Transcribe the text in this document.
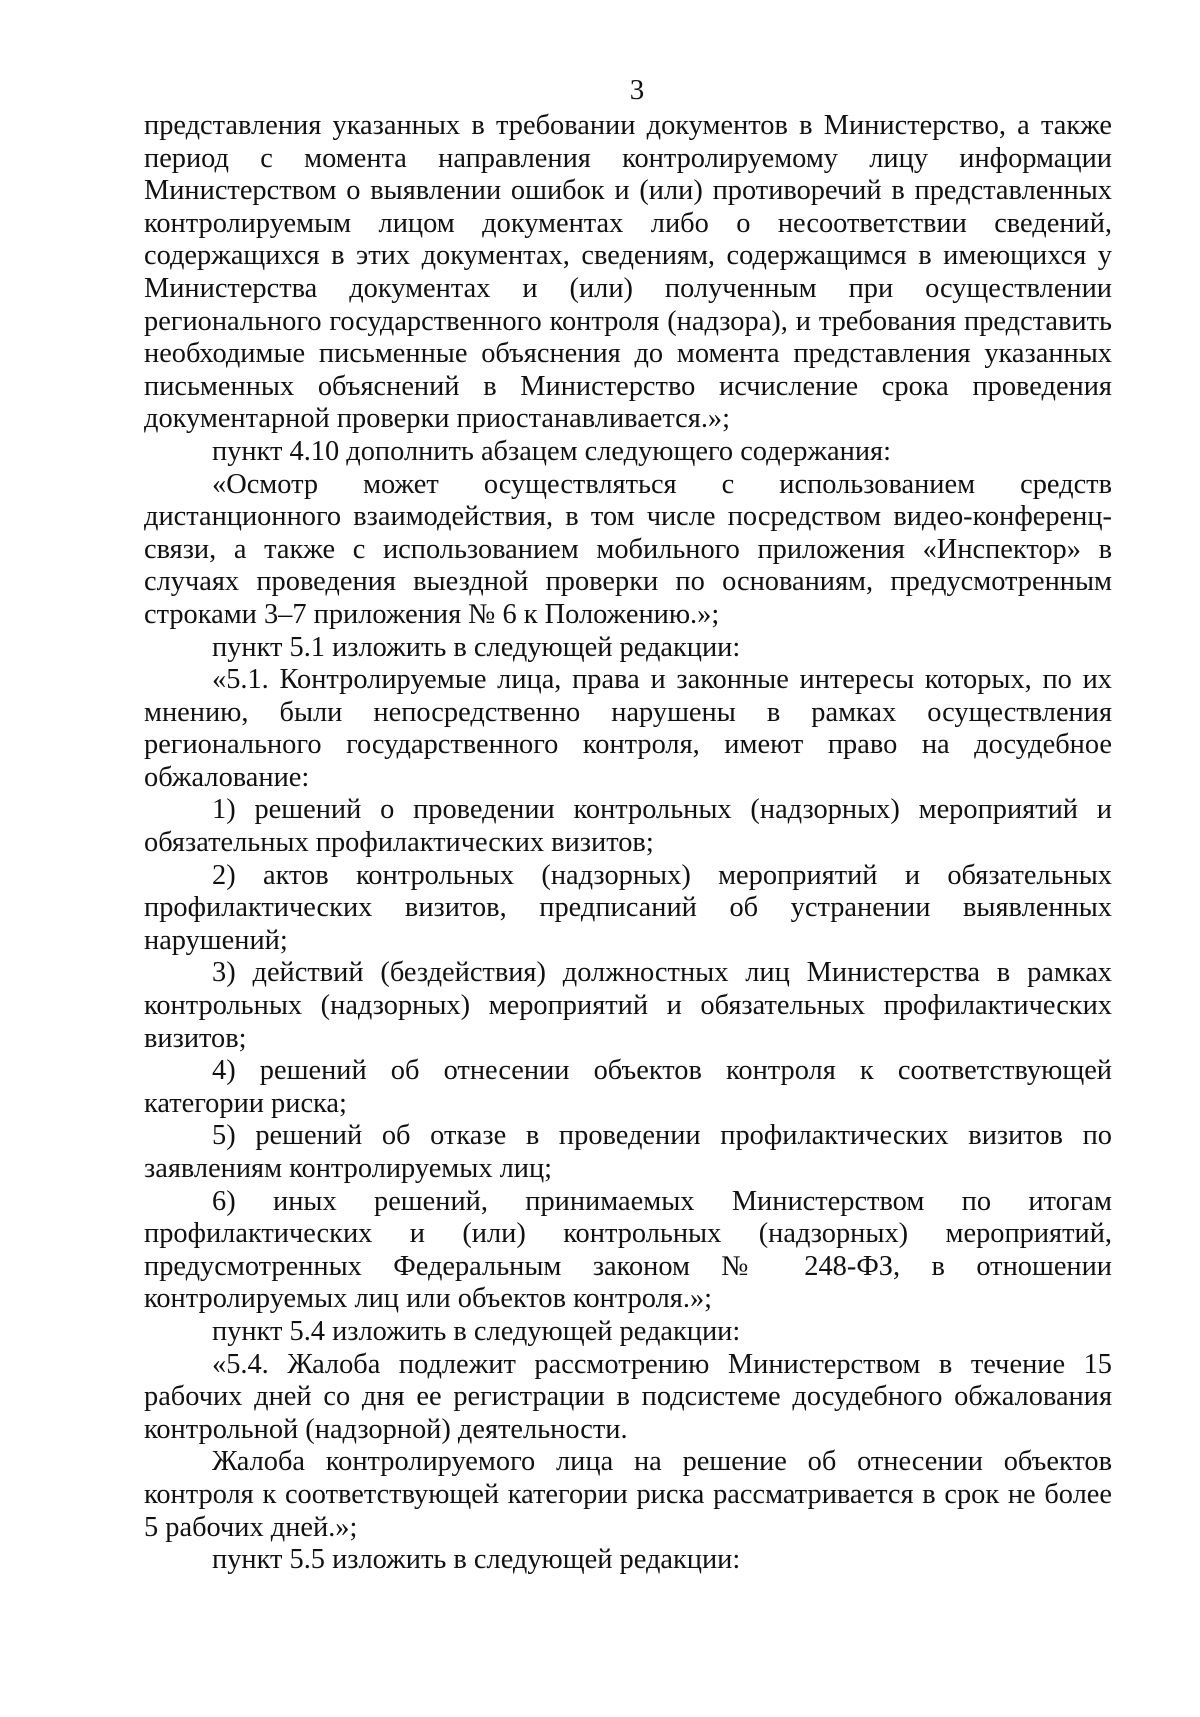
3

представления указанных в требовании документов в Министерство, а также период с момента направления контролируемому лицу информации Министерством о выявлении ошибок и (или) противоречий в представленных контролируемым лицом документах либо о несоответствии сведений, содержащихся в этих документах, сведениям, содержащимся в имеющихся у Министерства документах и (или) полученным при осуществлении регионального государственного контроля (надзора), и требования представить необходимые письменные объяснения до момента представления указанных письменных объяснений в Министерство исчисление срока проведения документарной проверки приостанавливается.»;

пункт 4.10 дополнить абзацем следующего содержания:

«Осмотр может осуществляться с использованием средств дистанционного взаимодействия, в том числе посредством видео-конференц-связи, а также с использованием мобильного приложения «Инспектор» в случаях проведения выездной проверки по основаниям, предусмотренным строками 3–7 приложения № 6 к Положению.»;

пункт 5.1 изложить в следующей редакции:

«5.1. Контролируемые лица, права и законные интересы которых, по их мнению, были непосредственно нарушены в рамках осуществления регионального государственного контроля, имеют право на досудебное обжалование:

1) решений о проведении контрольных (надзорных) мероприятий и обязательных профилактических визитов;

2) актов контрольных (надзорных) мероприятий и обязательных профилактических визитов, предписаний об устранении выявленных нарушений;

3) действий (бездействия) должностных лиц Министерства в рамках контрольных (надзорных) мероприятий и обязательных профилактических визитов;

4) решений об отнесении объектов контроля к соответствующей категории риска;

5) решений об отказе в проведении профилактических визитов по заявлениям контролируемых лиц;

6) иных решений, принимаемых Министерством по итогам профилактических и (или) контрольных (надзорных) мероприятий, предусмотренных Федеральным законом № 248-ФЗ, в отношении контролируемых лиц или объектов контроля.»;

пункт 5.4 изложить в следующей редакции:

«5.4. Жалоба подлежит рассмотрению Министерством в течение 15 рабочих дней со дня ее регистрации в подсистеме досудебного обжалования контрольной (надзорной) деятельности.

Жалоба контролируемого лица на решение об отнесении объектов контроля к соответствующей категории риска рассматривается в срок не более 5 рабочих дней.»;

пункт 5.5 изложить в следующей редакции:
